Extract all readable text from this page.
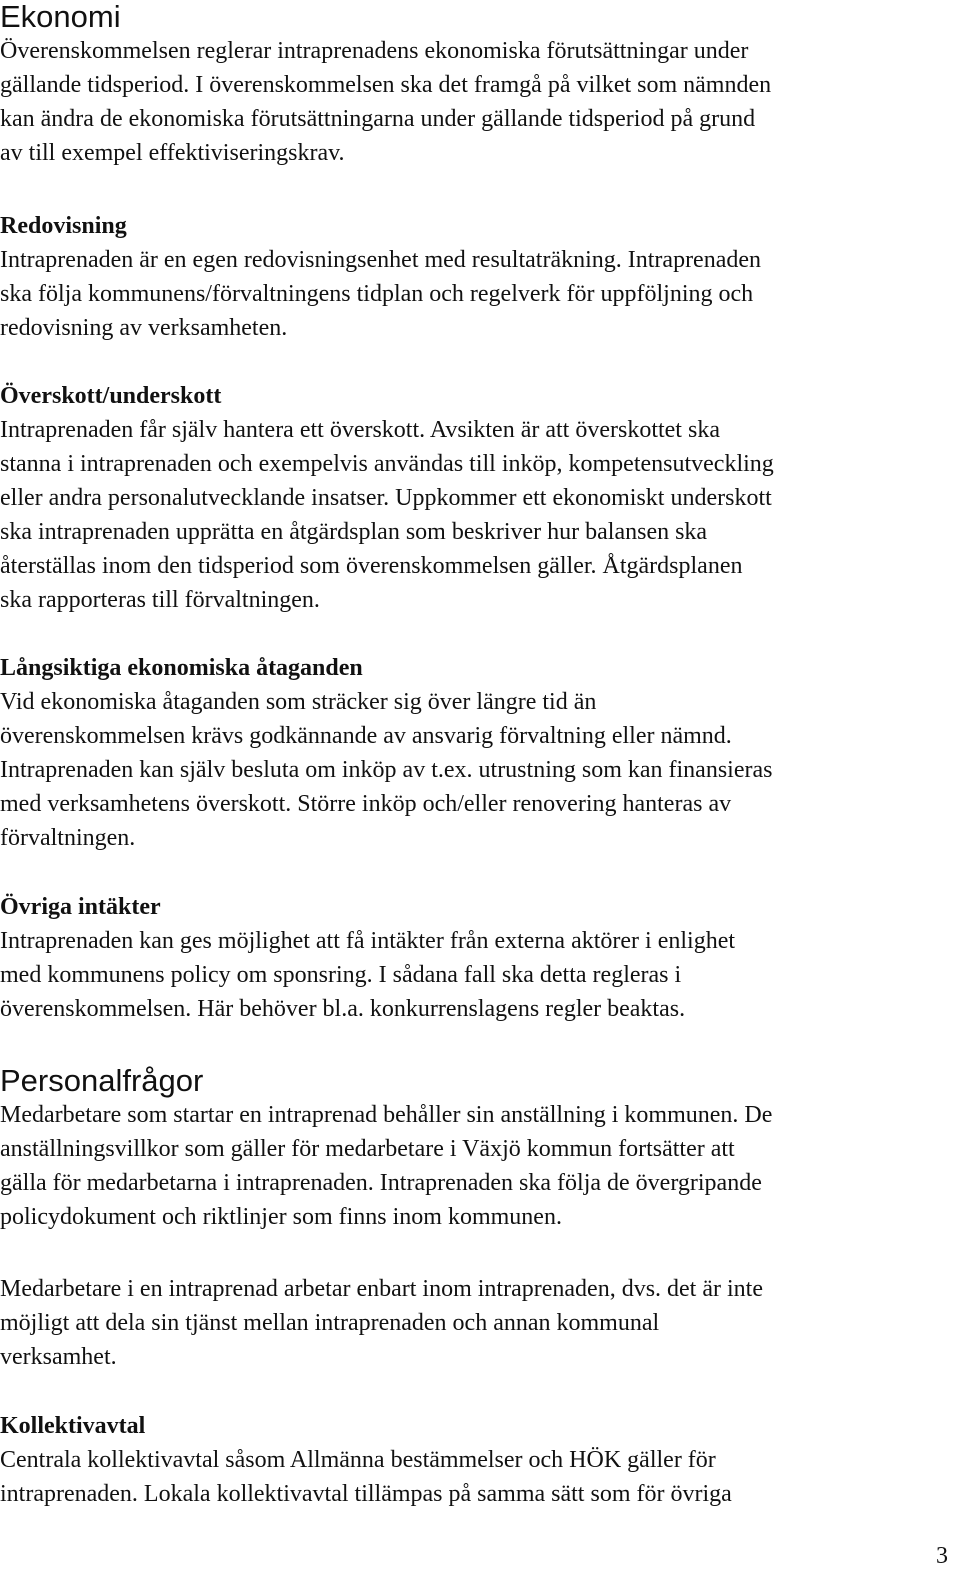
Ekonomi
Överenskommelsen reglerar intraprenadens ekonomiska förutsättningar under
gällande tidsperiod. I överenskommelsen ska det framgå på vilket som nämnden
kan ändra de ekonomiska förutsättningarna under gällande tidsperiod på grund
av till exempel effektiviseringskrav.
Redovisning
Intraprenaden är en egen redovisningsenhet med resultaträkning. Intraprenaden
ska följa kommunens/förvaltningens tidplan och regelverk för uppföljning och
redovisning av verksamheten.
Överskott/underskott
Intraprenaden får själv hantera ett överskott. Avsikten är att överskottet ska
stanna i intraprenaden och exempelvis användas till inköp, kompetensutveckling
eller andra personalutvecklande insatser. Uppkommer ett ekonomiskt underskott
ska intraprenaden upprätta en åtgärdsplan som beskriver hur balansen ska
återställas inom den tidsperiod som överenskommelsen gäller. Åtgärdsplanen
ska rapporteras till förvaltningen.
Långsiktiga ekonomiska åtaganden
Vid ekonomiska åtaganden som sträcker sig över längre tid än
överenskommelsen krävs godkännande av ansvarig förvaltning eller nämnd.
Intraprenaden kan själv besluta om inköp av t.ex. utrustning som kan finansieras
med verksamhetens överskott. Större inköp och/eller renovering hanteras av
förvaltningen.
Övriga intäkter
Intraprenaden kan ges möjlighet att få intäkter från externa aktörer i enlighet
med kommunens policy om sponsring. I sådana fall ska detta regleras i
överenskommelsen. Här behöver bl.a. konkurrenslagens regler beaktas.
Personalfrågor
Medarbetare som startar en intraprenad behåller sin anställning i kommunen. De
anställningsvillkor som gäller för medarbetare i Växjö kommun fortsätter att
gälla för medarbetarna i intraprenaden. Intraprenaden ska följa de övergripande
policydokument och riktlinjer som finns inom kommunen.
Medarbetare i en intraprenad arbetar enbart inom intraprenaden, dvs. det är inte
möjligt att dela sin tjänst mellan intraprenaden och annan kommunal
verksamhet.
Kollektivavtal
Centrala kollektivavtal såsom Allmänna bestämmelser och HÖK gäller för
intraprenaden. Lokala kollektivavtal tillämpas på samma sätt som för övriga
3
